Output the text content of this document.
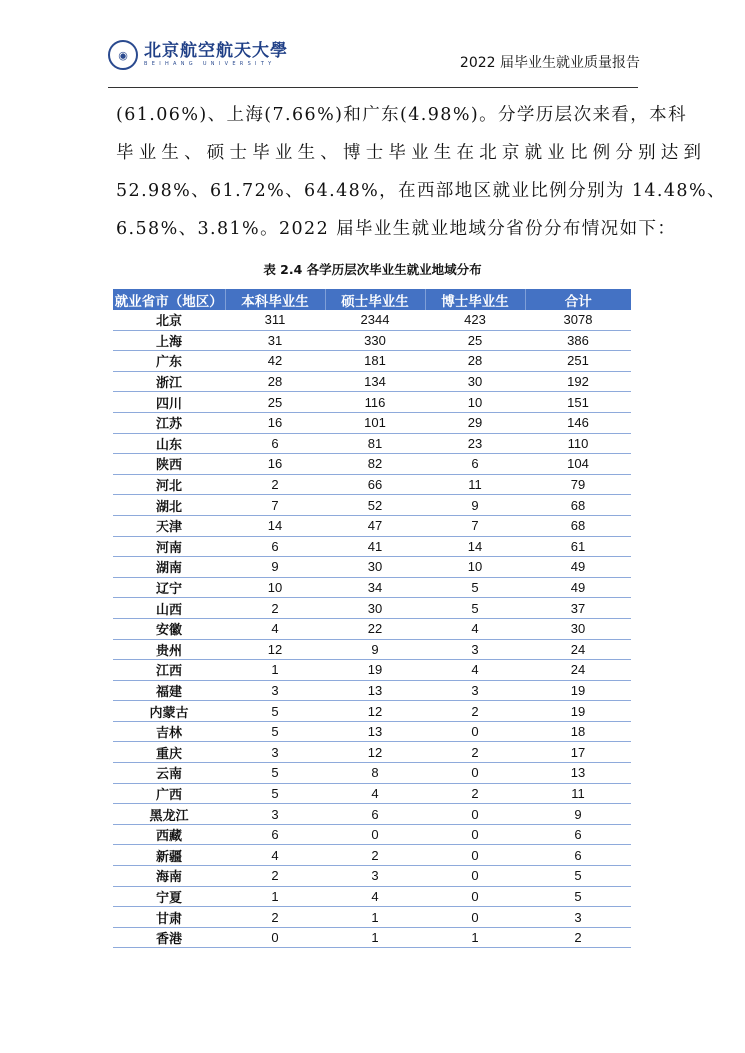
◉ 北京航空航天大學
BEIHANG UNIVERSITY	2022 届毕业生就业质量报告
(61.06%)、上海(7.66%)和广东(4.98%)。分学历层次来看，本科
毕业生、硕士毕业生、博士毕业生在北京就业比例分别达到
52.98%、61.72%、64.48%，在西部地区就业比例分别为 14.48%、
6.58%、3.81%。2022 届毕业生就业地域分省份分布情况如下：
表 2.4 各学历层次毕业生就业地域分布
就业省市（地区）	本科毕业生	硕士毕业生	博士毕业生	合计
北京	311	2344	423	3078
上海	31	330	25	386
广东	42	181	28	251
浙江	28	134	30	192
四川	25	116	10	151
江苏	16	101	29	146
山东	6	81	23	110
陕西	16	82	6	104
河北	2	66	11	79
湖北	7	52	9	68
天津	14	47	7	68
河南	6	41	14	61
湖南	9	30	10	49
辽宁	10	34	5	49
山西	2	30	5	37
安徽	4	22	4	30
贵州	12	9	3	24
江西	1	19	4	24
福建	3	13	3	19
内蒙古	5	12	2	19
吉林	5	13	0	18
重庆	3	12	2	17
云南	5	8	0	13
广西	5	4	2	11
黑龙江	3	6	0	9
西藏	6	0	0	6
新疆	4	2	0	6
海南	2	3	0	5
宁夏	1	4	0	5
甘肃	2	1	0	3
香港	0	1	1	2
